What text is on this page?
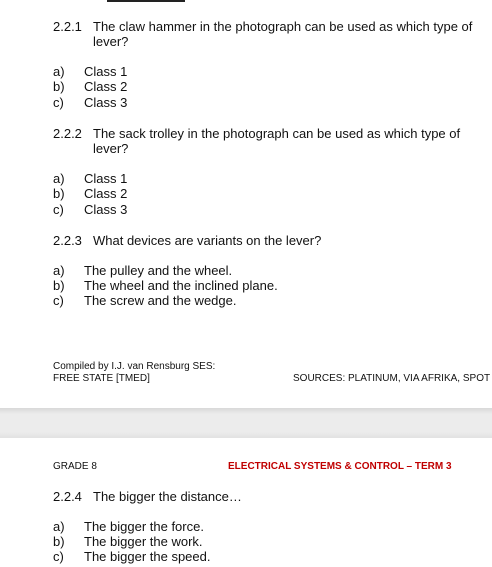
2.2.1 The claw hammer in the photograph can be used as which type of
lever?
a) Class 1
b) Class 2
c) Class 3
2.2.2 The sack trolley in the photograph can be used as which type of
lever?
a) Class 1
b) Class 2
c) Class 3
2.2.3 What devices are variants on the lever?
a) The pulley and the wheel.
b) The wheel and the inclined plane.
c) The screw and the wedge.
Compiled by I.J. van Rensburg SES:
FREE STATE [TMED]	SOURCES: PLATINUM, VIA AFRIKA, SPOT
GRADE 8	ELECTRICAL SYSTEMS & CONTROL – TERM 3
2.2.4 The bigger the distance…
a) The bigger the force.
b) The bigger the work.
c) The bigger the speed.
